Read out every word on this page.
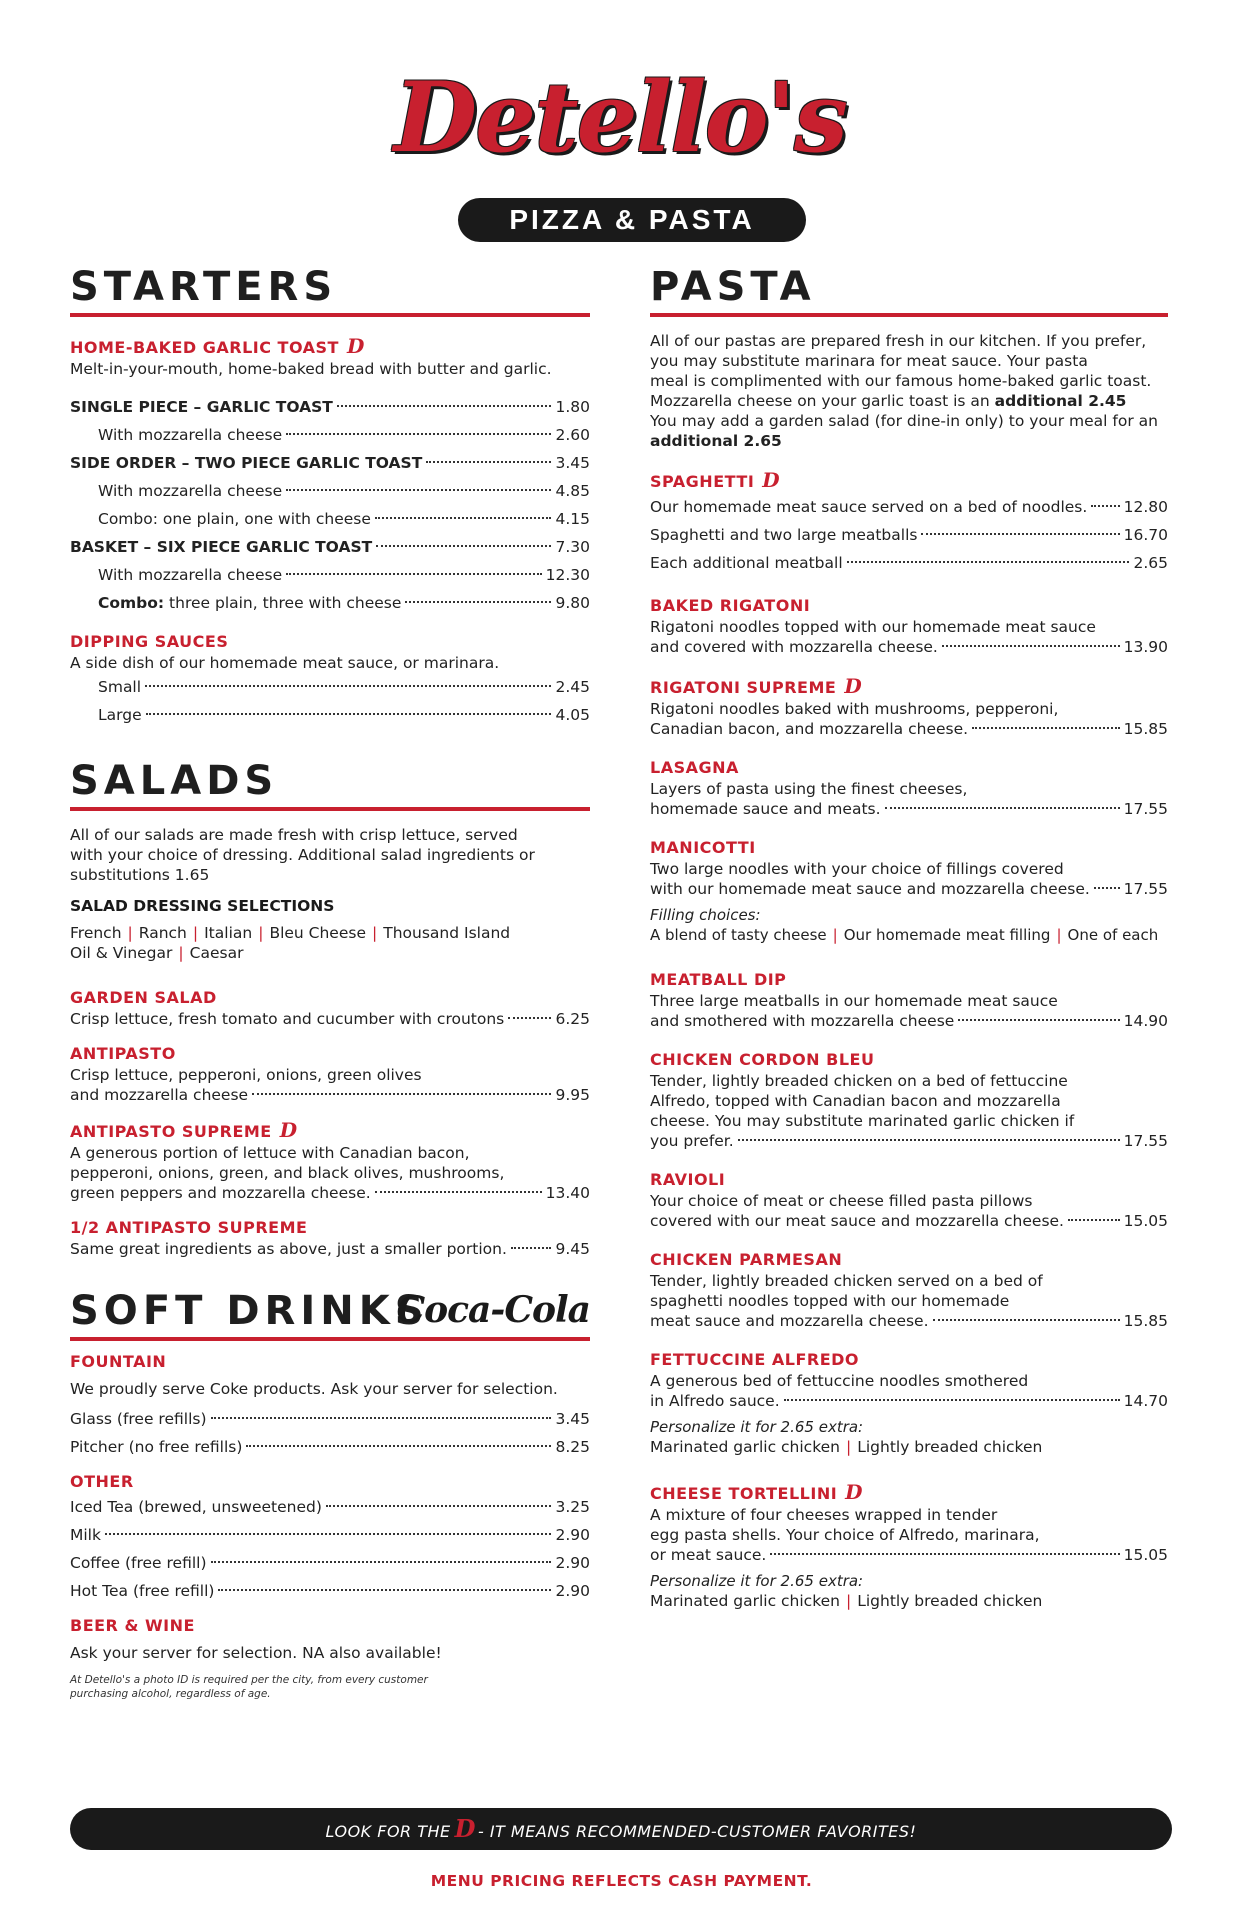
Detello's
PIZZA & PASTA
STARTERS
HOME-BAKED GARLIC TOAST D
Melt-in-your-mouth, home-baked bread with butter and garlic.
SINGLE PIECE – GARLIC TOAST	1.80
With mozzarella cheese	2.60
SIDE ORDER – TWO PIECE GARLIC TOAST	3.45
With mozzarella cheese	4.85
Combo: one plain, one with cheese	4.15
BASKET – SIX PIECE GARLIC TOAST	7.30
With mozzarella cheese	12.30
Combo: three plain, three with cheese	9.80
DIPPING SAUCES
A side dish of our homemade meat sauce, or marinara.
Small	2.45
Large	4.05
SALADS
All of our salads are made fresh with crisp lettuce, served with your choice of dressing. Additional salad ingredients or substitutions 1.65
SALAD DRESSING SELECTIONS
French | Ranch | Italian | Bleu Cheese | Thousand Island
Oil & Vinegar | Caesar
GARDEN SALAD
Crisp lettuce, fresh tomato and cucumber with croutons	6.25
ANTIPASTO
Crisp lettuce, pepperoni, onions, green olives
and mozzarella cheese	9.95
ANTIPASTO SUPREME D
A generous portion of lettuce with Canadian bacon,
pepperoni, onions, green, and black olives, mushrooms,
green peppers and mozzarella cheese.	13.40
1/2 ANTIPASTO SUPREME
Same great ingredients as above, just a smaller portion.	9.45
SOFT DRINKS
Coca-Cola
FOUNTAIN
We proudly serve Coke products. Ask your server for selection.
Glass (free refills)	3.45
Pitcher (no free refills)	8.25
OTHER
Iced Tea (brewed, unsweetened)	3.25
Milk	2.90
Coffee (free refill)	2.90
Hot Tea (free refill)	2.90
BEER & WINE
Ask your server for selection. NA also available!
At Detello's a photo ID is required per the city, from every customer
purchasing alcohol, regardless of age.
PASTA
All of our pastas are prepared fresh in our kitchen. If you prefer,
you may substitute marinara for meat sauce. Your pasta
meal is complimented with our famous home-baked garlic toast.
Mozzarella cheese on your garlic toast is an additional 2.45
You may add a garden salad (for dine-in only) to your meal for an
additional 2.65
SPAGHETTI D
Our homemade meat sauce served on a bed of noodles. 12.80
Spaghetti and two large meatballs	16.70
Each additional meatball	2.65
BAKED RIGATONI
Rigatoni noodles topped with our homemade meat sauce
and covered with mozzarella cheese.	13.90
RIGATONI SUPREME D
Rigatoni noodles baked with mushrooms, pepperoni,
Canadian bacon, and mozzarella cheese.	15.85
LASAGNA
Layers of pasta using the finest cheeses,
homemade sauce and meats.	17.55
MANICOTTI
Two large noodles with your choice of fillings covered
with our homemade meat sauce and mozzarella cheese. 17.55
Filling choices:
A blend of tasty cheese | Our homemade meat filling | One of each
MEATBALL DIP
Three large meatballs in our homemade meat sauce
and smothered with mozzarella cheese	14.90
CHICKEN CORDON BLEU
Tender, lightly breaded chicken on a bed of fettuccine
Alfredo, topped with Canadian bacon and mozzarella
cheese. You may substitute marinated garlic chicken if
you prefer.	17.55
RAVIOLI
Your choice of meat or cheese filled pasta pillows
covered with our meat sauce and mozzarella cheese.	15.05
CHICKEN PARMESAN
Tender, lightly breaded chicken served on a bed of
spaghetti noodles topped with our homemade
meat sauce and mozzarella cheese.	15.85
FETTUCCINE ALFREDO
A generous bed of fettuccine noodles smothered
in Alfredo sauce.	14.70
Personalize it for 2.65 extra:
Marinated garlic chicken | Lightly breaded chicken
CHEESE TORTELLINI D
A mixture of four cheeses wrapped in tender
egg pasta shells. Your choice of Alfredo, marinara,
or meat sauce.	15.05
Personalize it for 2.65 extra:
Marinated garlic chicken | Lightly breaded chicken
LOOK FOR THE D - IT MEANS RECOMMENDED-CUSTOMER FAVORITES!
MENU PRICING REFLECTS CASH PAYMENT.
